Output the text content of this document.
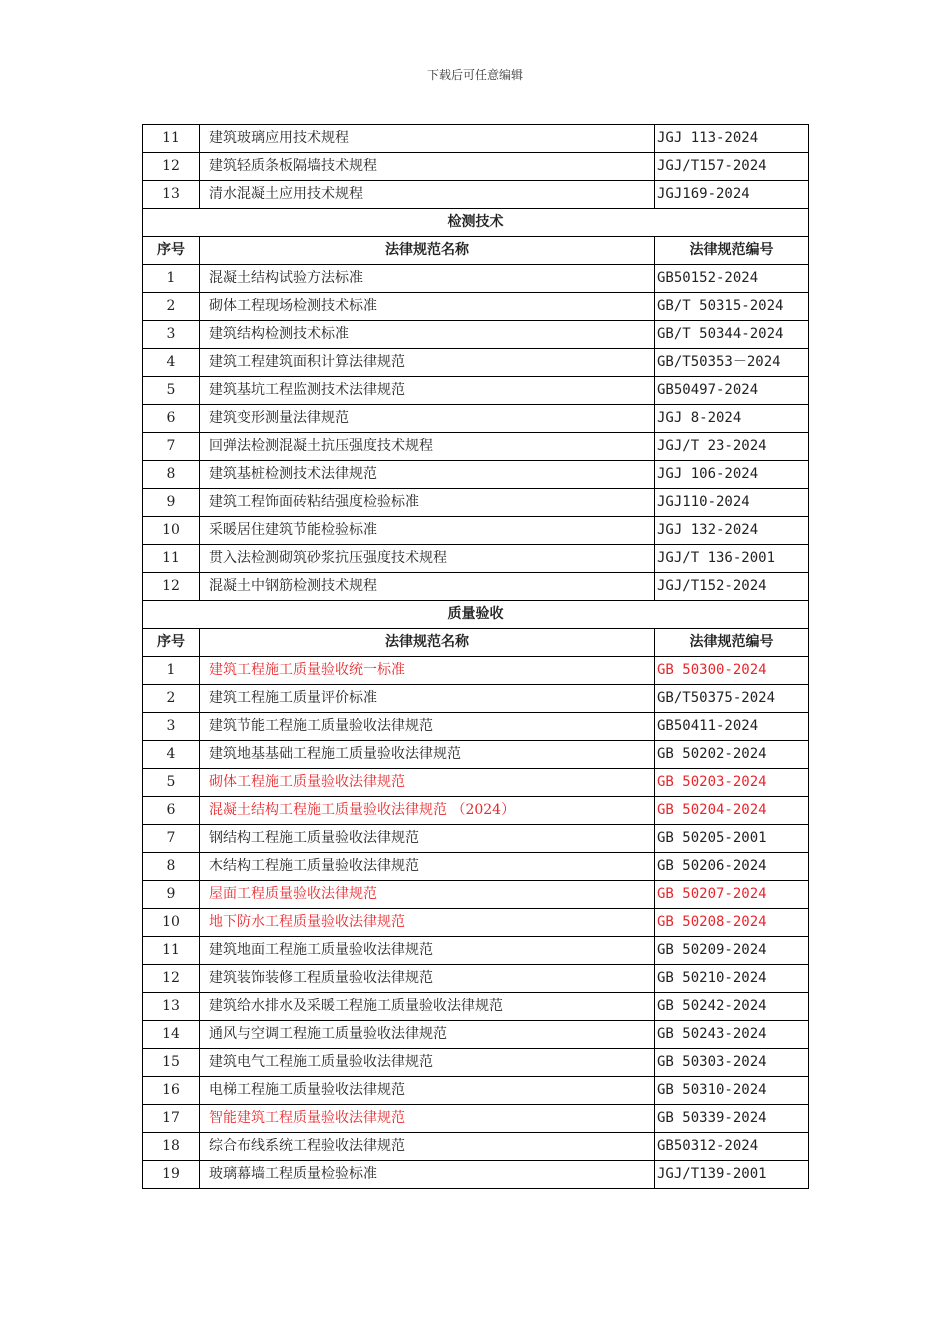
下载后可任意编辑
11	建筑玻璃应用技术规程	JGJ 113-2024
12	建筑轻质条板隔墙技术规程	JGJ/T157-2024
13	清水混凝土应用技术规程	JGJ169-2024
检测技术		
序号	法律规范名称	法律规范编号
1	混凝土结构试验方法标准	GB50152-2024
2	砌体工程现场检测技术标准	GB/T 50315-2024
3	建筑结构检测技术标准	GB/T 50344-2024
4	建筑工程建筑面积计算法律规范	GB/T50353－2024
5	建筑基坑工程监测技术法律规范	GB50497-2024
6	建筑变形测量法律规范	JGJ 8-2024
7	回弹法检测混凝土抗压强度技术规程	JGJ/T 23-2024
8	建筑基桩检测技术法律规范	JGJ 106-2024
9	建筑工程饰面砖粘结强度检验标准	JGJ110-2024
10	采暖居住建筑节能检验标准	JGJ 132-2024
11	贯入法检测砌筑砂浆抗压强度技术规程	JGJ/T 136-2001
12	混凝土中钢筋检测技术规程	JGJ/T152-2024
质量验收		
序号	法律规范名称	法律规范编号
1	建筑工程施工质量验收统一标准	GB 50300-2024
2	建筑工程施工质量评价标准	GB/T50375-2024
3	建筑节能工程施工质量验收法律规范	GB50411-2024
4	建筑地基基础工程施工质量验收法律规范	GB 50202-2024
5	砌体工程施工质量验收法律规范	GB 50203-2024
6	混凝土结构工程施工质量验收法律规范 （2024）	GB 50204-2024
7	钢结构工程施工质量验收法律规范	GB 50205-2001
8	木结构工程施工质量验收法律规范	GB 50206-2024
9	屋面工程质量验收法律规范	GB 50207-2024
10	地下防水工程质量验收法律规范	GB 50208-2024
11	建筑地面工程施工质量验收法律规范	GB 50209-2024
12	建筑装饰装修工程质量验收法律规范	GB 50210-2024
13	建筑给水排水及采暖工程施工质量验收法律规范	GB 50242-2024
14	通风与空调工程施工质量验收法律规范	GB 50243-2024
15	建筑电气工程施工质量验收法律规范	GB 50303-2024
16	电梯工程施工质量验收法律规范	GB 50310-2024
17	智能建筑工程质量验收法律规范	GB 50339-2024
18	综合布线系统工程验收法律规范	GB50312-2024
19	玻璃幕墙工程质量检验标准	JGJ/T139-2001
